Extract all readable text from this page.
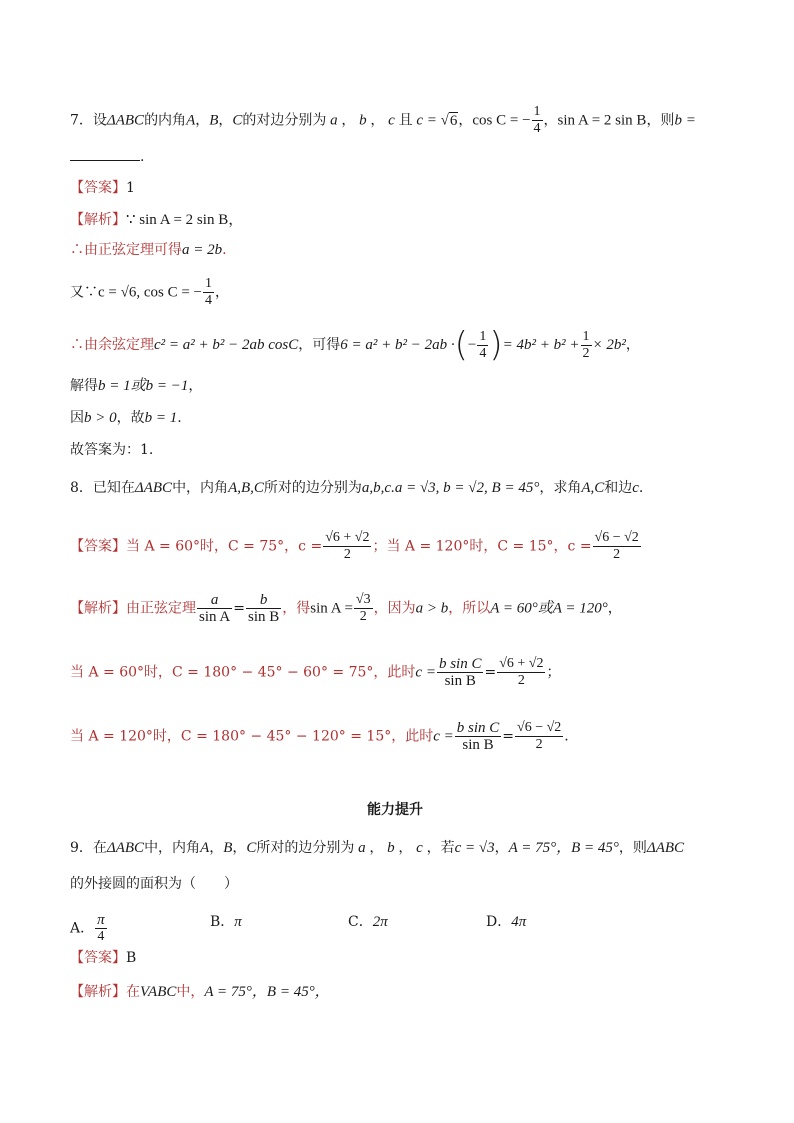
7．设ΔABC的内角A，B，C的对边分别为 a ， b ， c 且 c = √6，cos C = − $\frac{1}{4}$ ，sin A = 2 sin B，则b =
.
【答案】1
【解析】∵ sin A = 2 sin B，
∴由正弦定理可得a = 2b.
又∵c = √6, cos C = − $\frac{1}{4}$ ，
∴由余弦定理c² = a² + b² − 2ab cosC，可得6 = a² + b² − 2ab ·(− $\frac{1}{4}$ )= $4b^2 + b^2 + \frac{1}{2} \times 2b^2$，
解得b = 1或b = −1，
因b > 0，故b = 1.
故答案为：1.
8．已知在ΔABC中，内角A,B,C所对的边分别为a,b,c.a = √3, b = √2, B = 45°，求角A,C和边c.
【答案】当 A = 60°时，C = 75°，$c = \frac{√6 + √2}{2}$ ；当 A = 120°时，C = 15°，$c = \frac{√6 - √2}{2}$
【解析】由正弦定理 $\frac{a}{\text{sin A}} = \frac{b}{\text{sin B}}$ ，得$\sin A = \frac{√3}{2}$ ，因为a > b，所以A = 60°或A = 120°，
当 A = 60°时，C = 180° − 45° − 60° = 75°，此时$c = \frac{\text{b sin C}}{\text{sin B}} = \frac{√6 + √2}{2}$ ；
当 A = 120°时，C = 180° − 45° − 120° = 15°，此时$c = \frac{\text{b sin C}}{\text{sin B}} = \frac{√6 - √2}{2}$ .
能力提升
9．在ΔABC中，内角A，B，C所对的边分别为 a ， b ， c ，若c = √3，A = 75°，B = 45°，则ΔABC
的外接圆的面积为（　　）
A． $\frac{\pi}{4}$	B．π	C．2π	D．4π
【答案】B
【解析】在VABC中，A = 75°，B = 45°，
